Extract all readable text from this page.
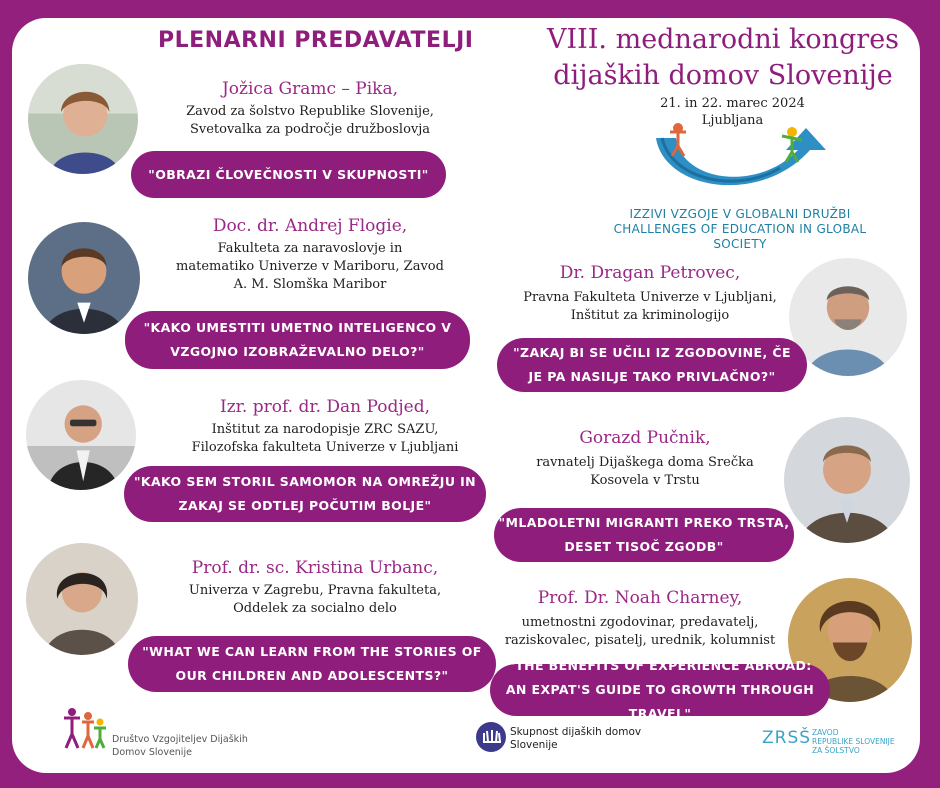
PLENARNI PREDAVATELJI	VIII. mednarodni kongres
dijaških domov Slovenije
21. in 22. marec 2024
Ljubljana
IZZIVI VZGOJE V GLOBALNI DRUŽBI
CHALLENGES OF EDUCATION IN GLOBAL SOCIETY
Jožica Gramc – Pika,
Zavod za šolstvo Republike Slovenije,
Svetovalka za področje družboslovja
"OBRAZI ČLOVEČNOSTI V SKUPNOSTI"
Doc. dr. Andrej Flogie,
Fakulteta za naravoslovje in
matematiko Univerze v Mariboru, Zavod
A. M. Slomška Maribor
"KAKO UMESTITI UMETNO INTELIGENCO V
VZGOJNO IZOBRAŽEVALNO DELO?"
Izr. prof. dr. Dan Podjed,
Inštitut za narodopisje ZRC SAZU,
Filozofska fakulteta Univerze v Ljubljani
"KAKO SEM STORIL SAMOMOR NA OMREŽJU IN
ZAKAJ SE ODTLEJ POČUTIM BOLJE"
Prof. dr. sc. Kristina Urbanc,
Univerza v Zagrebu, Pravna fakulteta,
Oddelek za socialno delo
"WHAT WE CAN LEARN FROM THE STORIES OF
OUR CHILDREN AND ADOLESCENTS?"
Dr. Dragan Petrovec,
Pravna Fakulteta Univerze v Ljubljani,
Inštitut za kriminologijo
"ZAKAJ BI SE UČILI IZ ZGODOVINE, ČE
JE PA NASILJE TAKO PRIVLAČNO?"
Gorazd Pučnik,
ravnatelj Dijaškega doma Srečka
Kosovela v Trstu
"MLADOLETNI MIGRANTI PREKO TRSTA,
DESET TISOČ ZGODB"
Prof. Dr. Noah Charney,
umetnostni zgodovinar, predavatelj,
raziskovalec, pisatelj, urednik, kolumnist
"THE BENEFITS OF EXPERIENCE ABROAD:
AN EXPAT'S GUIDE TO GROWTH THROUGH TRAVEL"
Društvo Vzgojiteljev Dijaških
Domov Slovenije
Skupnost dijaških domov
Slovenije	ZRSŠ ZAVOD
REPUBLIKE SLOVENIJE
ZA ŠOLSTVO
